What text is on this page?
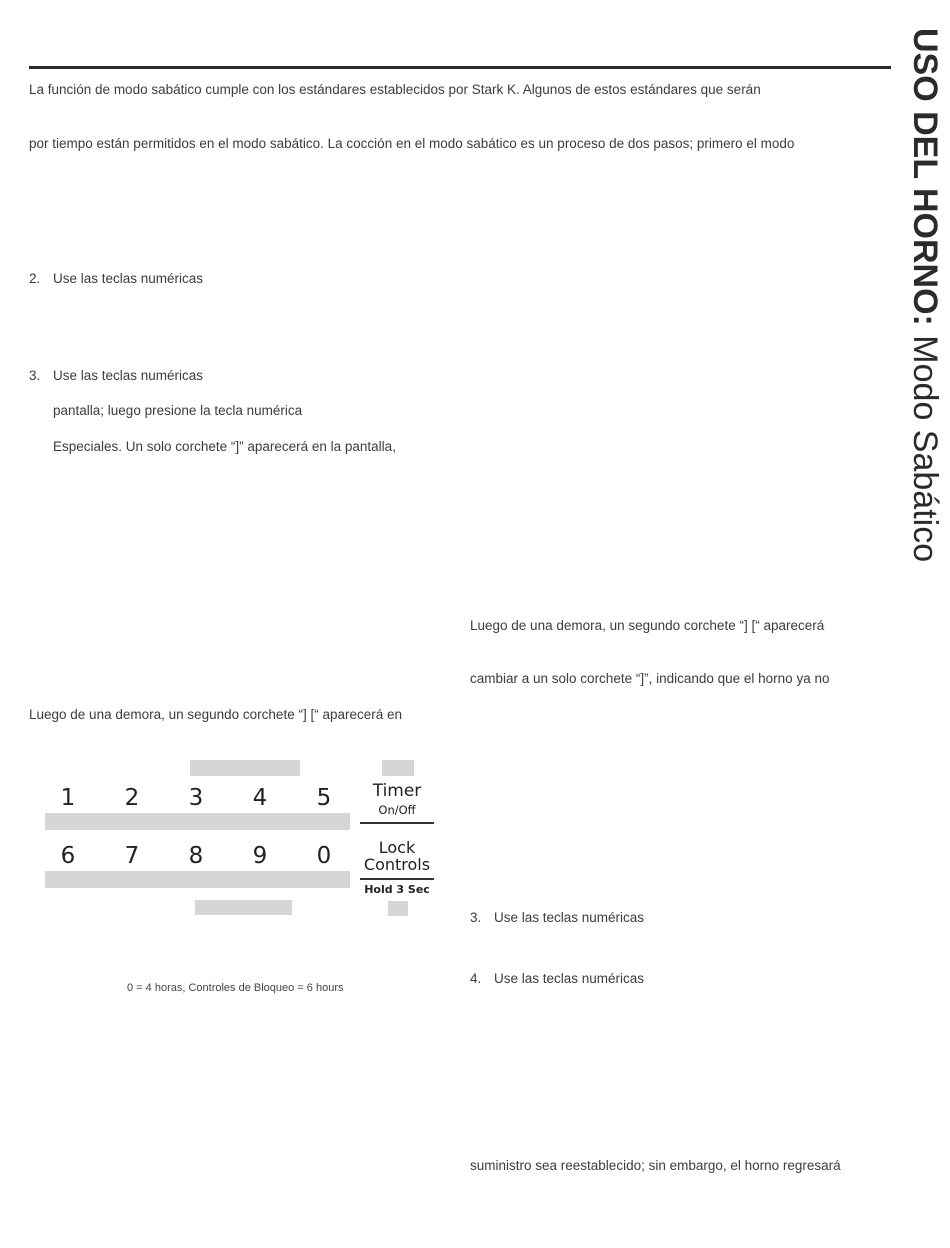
USO DEL HORNO: Modo Sabático
La función de modo sabático cumple con los estándares establecidos por Stark K. Algunos de estos estándares que serán
por tiempo están permitidos en el modo sabático. La cocción en el modo sabático es un proceso de dos pasos; primero el modo
2. Use las teclas numéricas
3. Use las teclas numéricas
pantalla; luego presione la tecla numérica
Especiales. Un solo corchete “]” aparecerá en la pantalla,
Luego de una demora, un segundo corchete “] [“ aparecerá en
1	2	3	4	5	Timer
On/Off
6	7	8	9	0	Lock
Controls
Hold 3 Sec
0 = 4 horas, Controles de Bloqueo = 6 hours
Luego de una demora, un segundo corchete “] [“ aparecerá
cambiar a un solo corchete “]”, indicando que el horno ya no
3. Use las teclas numéricas
4. Use las teclas numéricas
suministro sea reestablecido; sin embargo, el horno regresará
